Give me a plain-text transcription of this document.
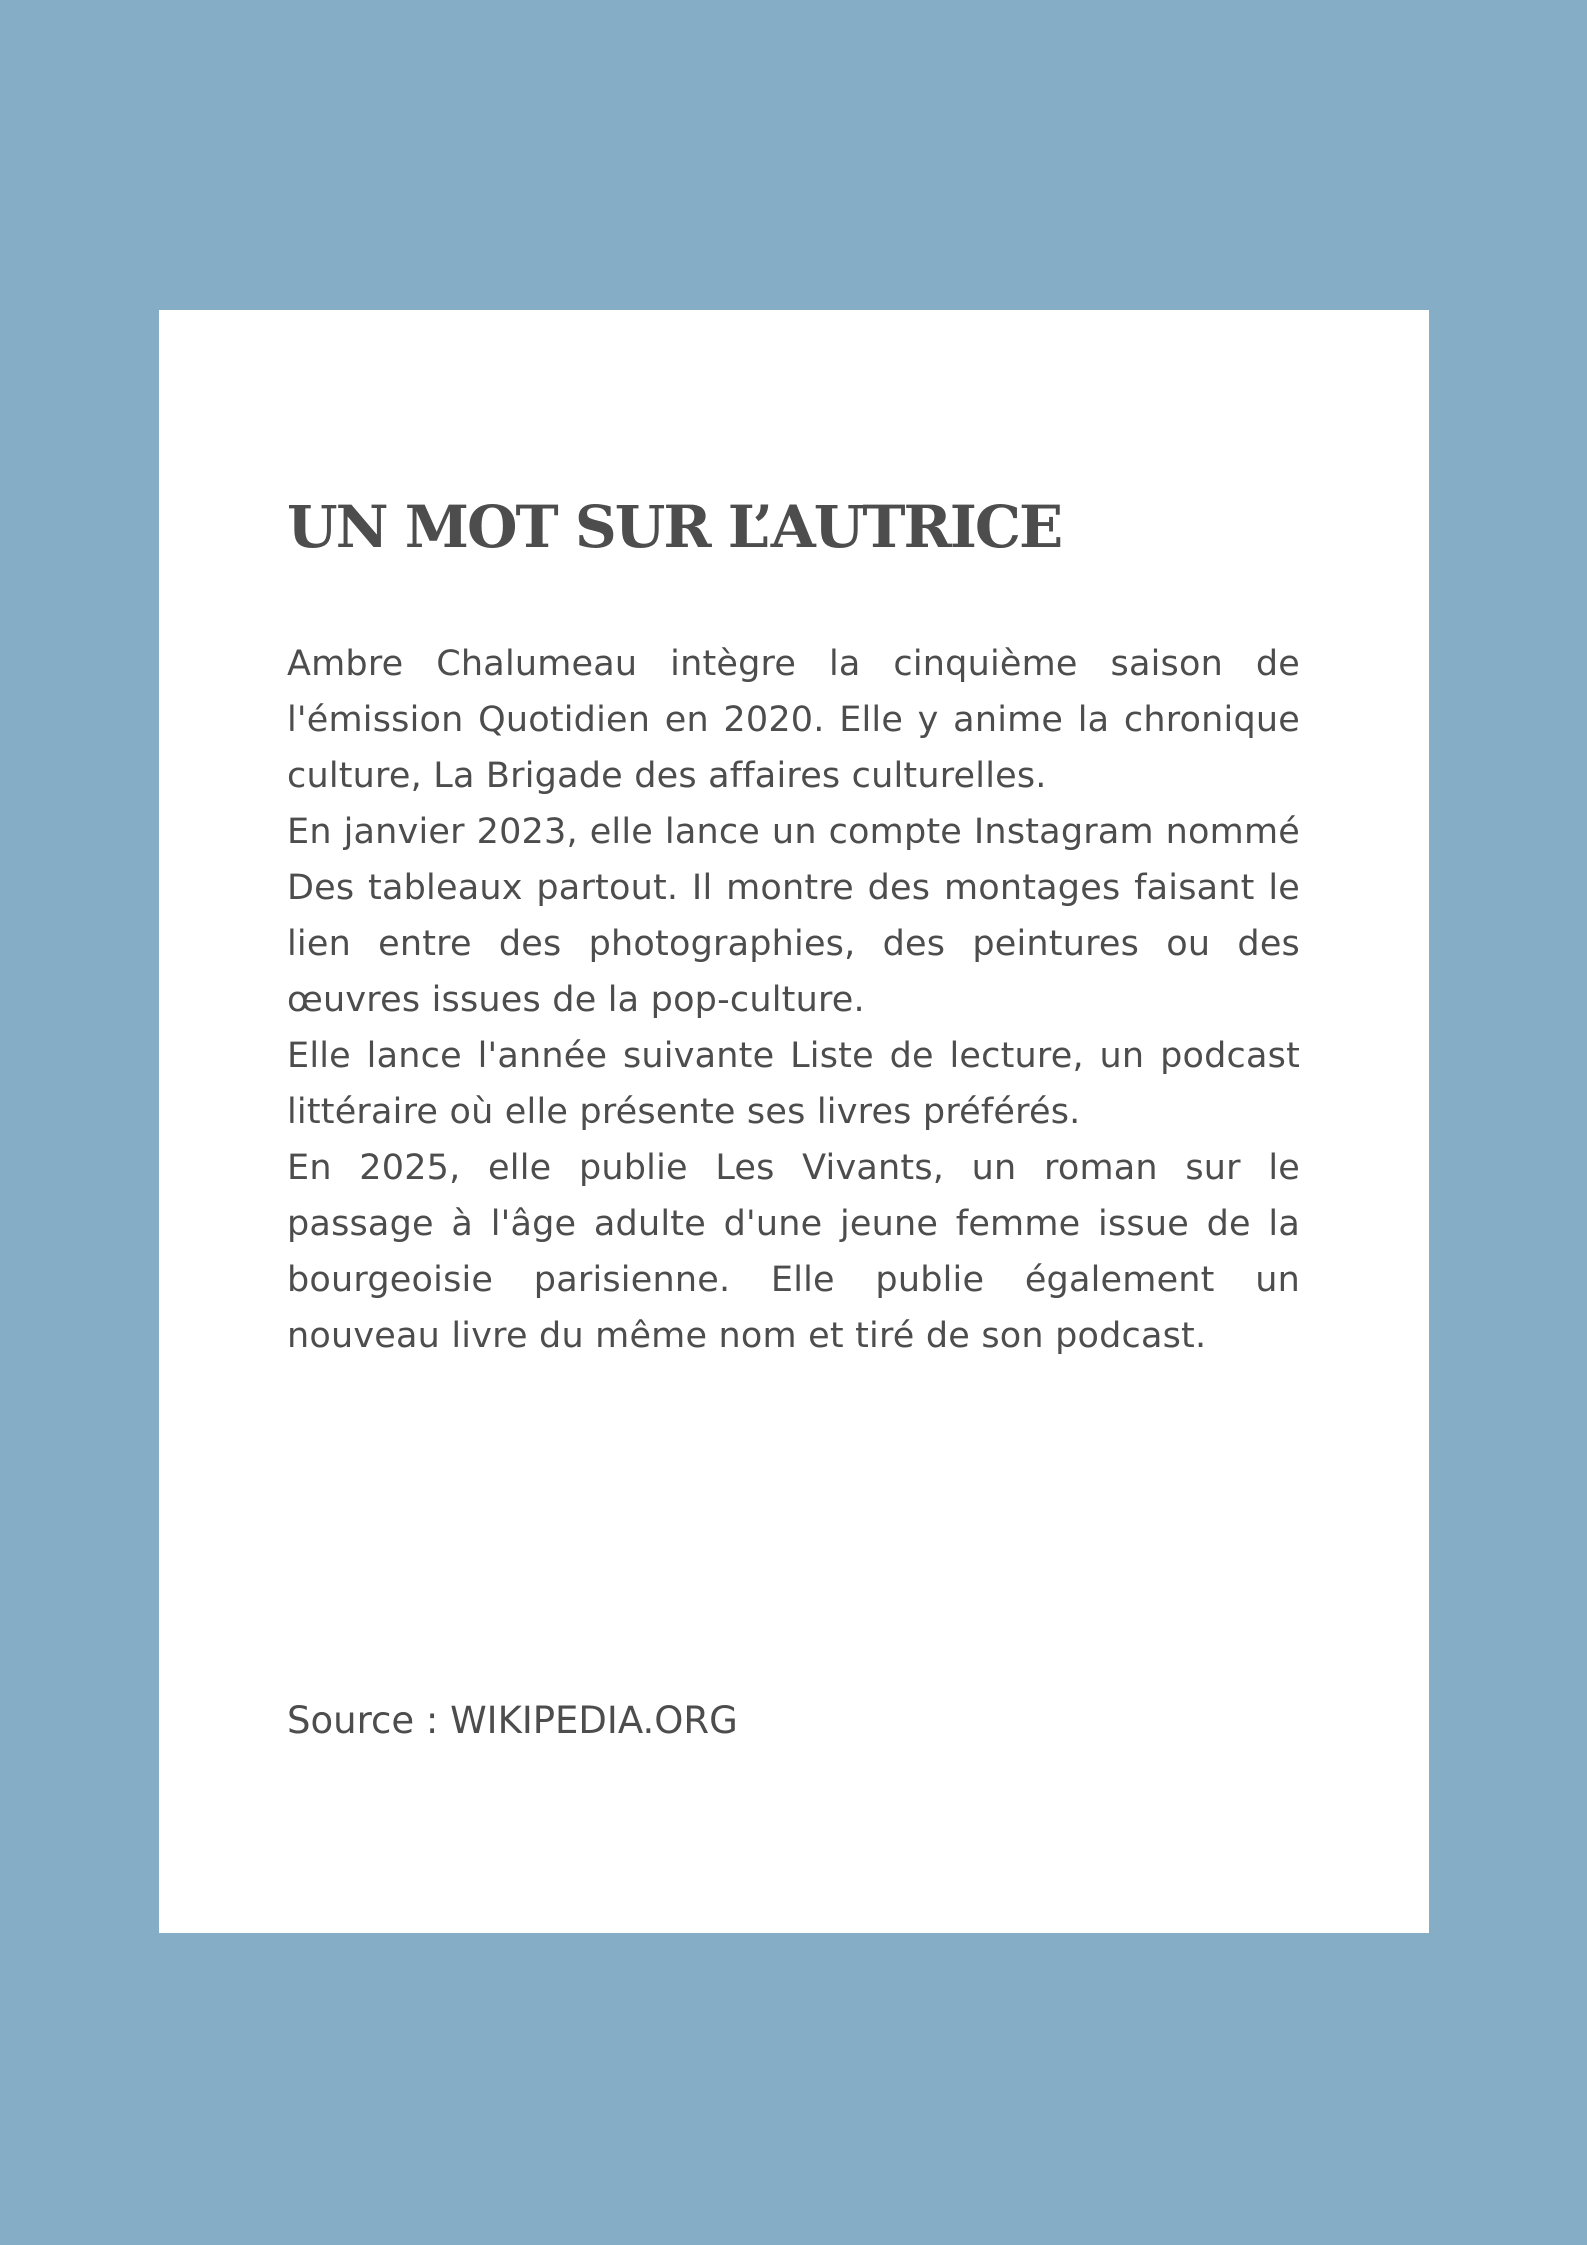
UN MOT SUR L’AUTRICE

Ambre Chalumeau intègre la cinquième saison de l'émission Quotidien en 2020. Elle y anime la chronique culture, La Brigade des affaires culturelles.

En janvier 2023, elle lance un compte Instagram nommé Des tableaux partout. Il montre des montages faisant le lien entre des photographies, des peintures ou des œuvres issues de la pop-culture.

Elle lance l'année suivante Liste de lecture, un podcast littéraire où elle présente ses livres préférés.

En 2025, elle publie Les Vivants, un roman sur le passage à l'âge adulte d'une jeune femme issue de la bourgeoisie parisienne. Elle publie également un nouveau livre du même nom et tiré de son podcast.

Source : WIKIPEDIA.ORG
